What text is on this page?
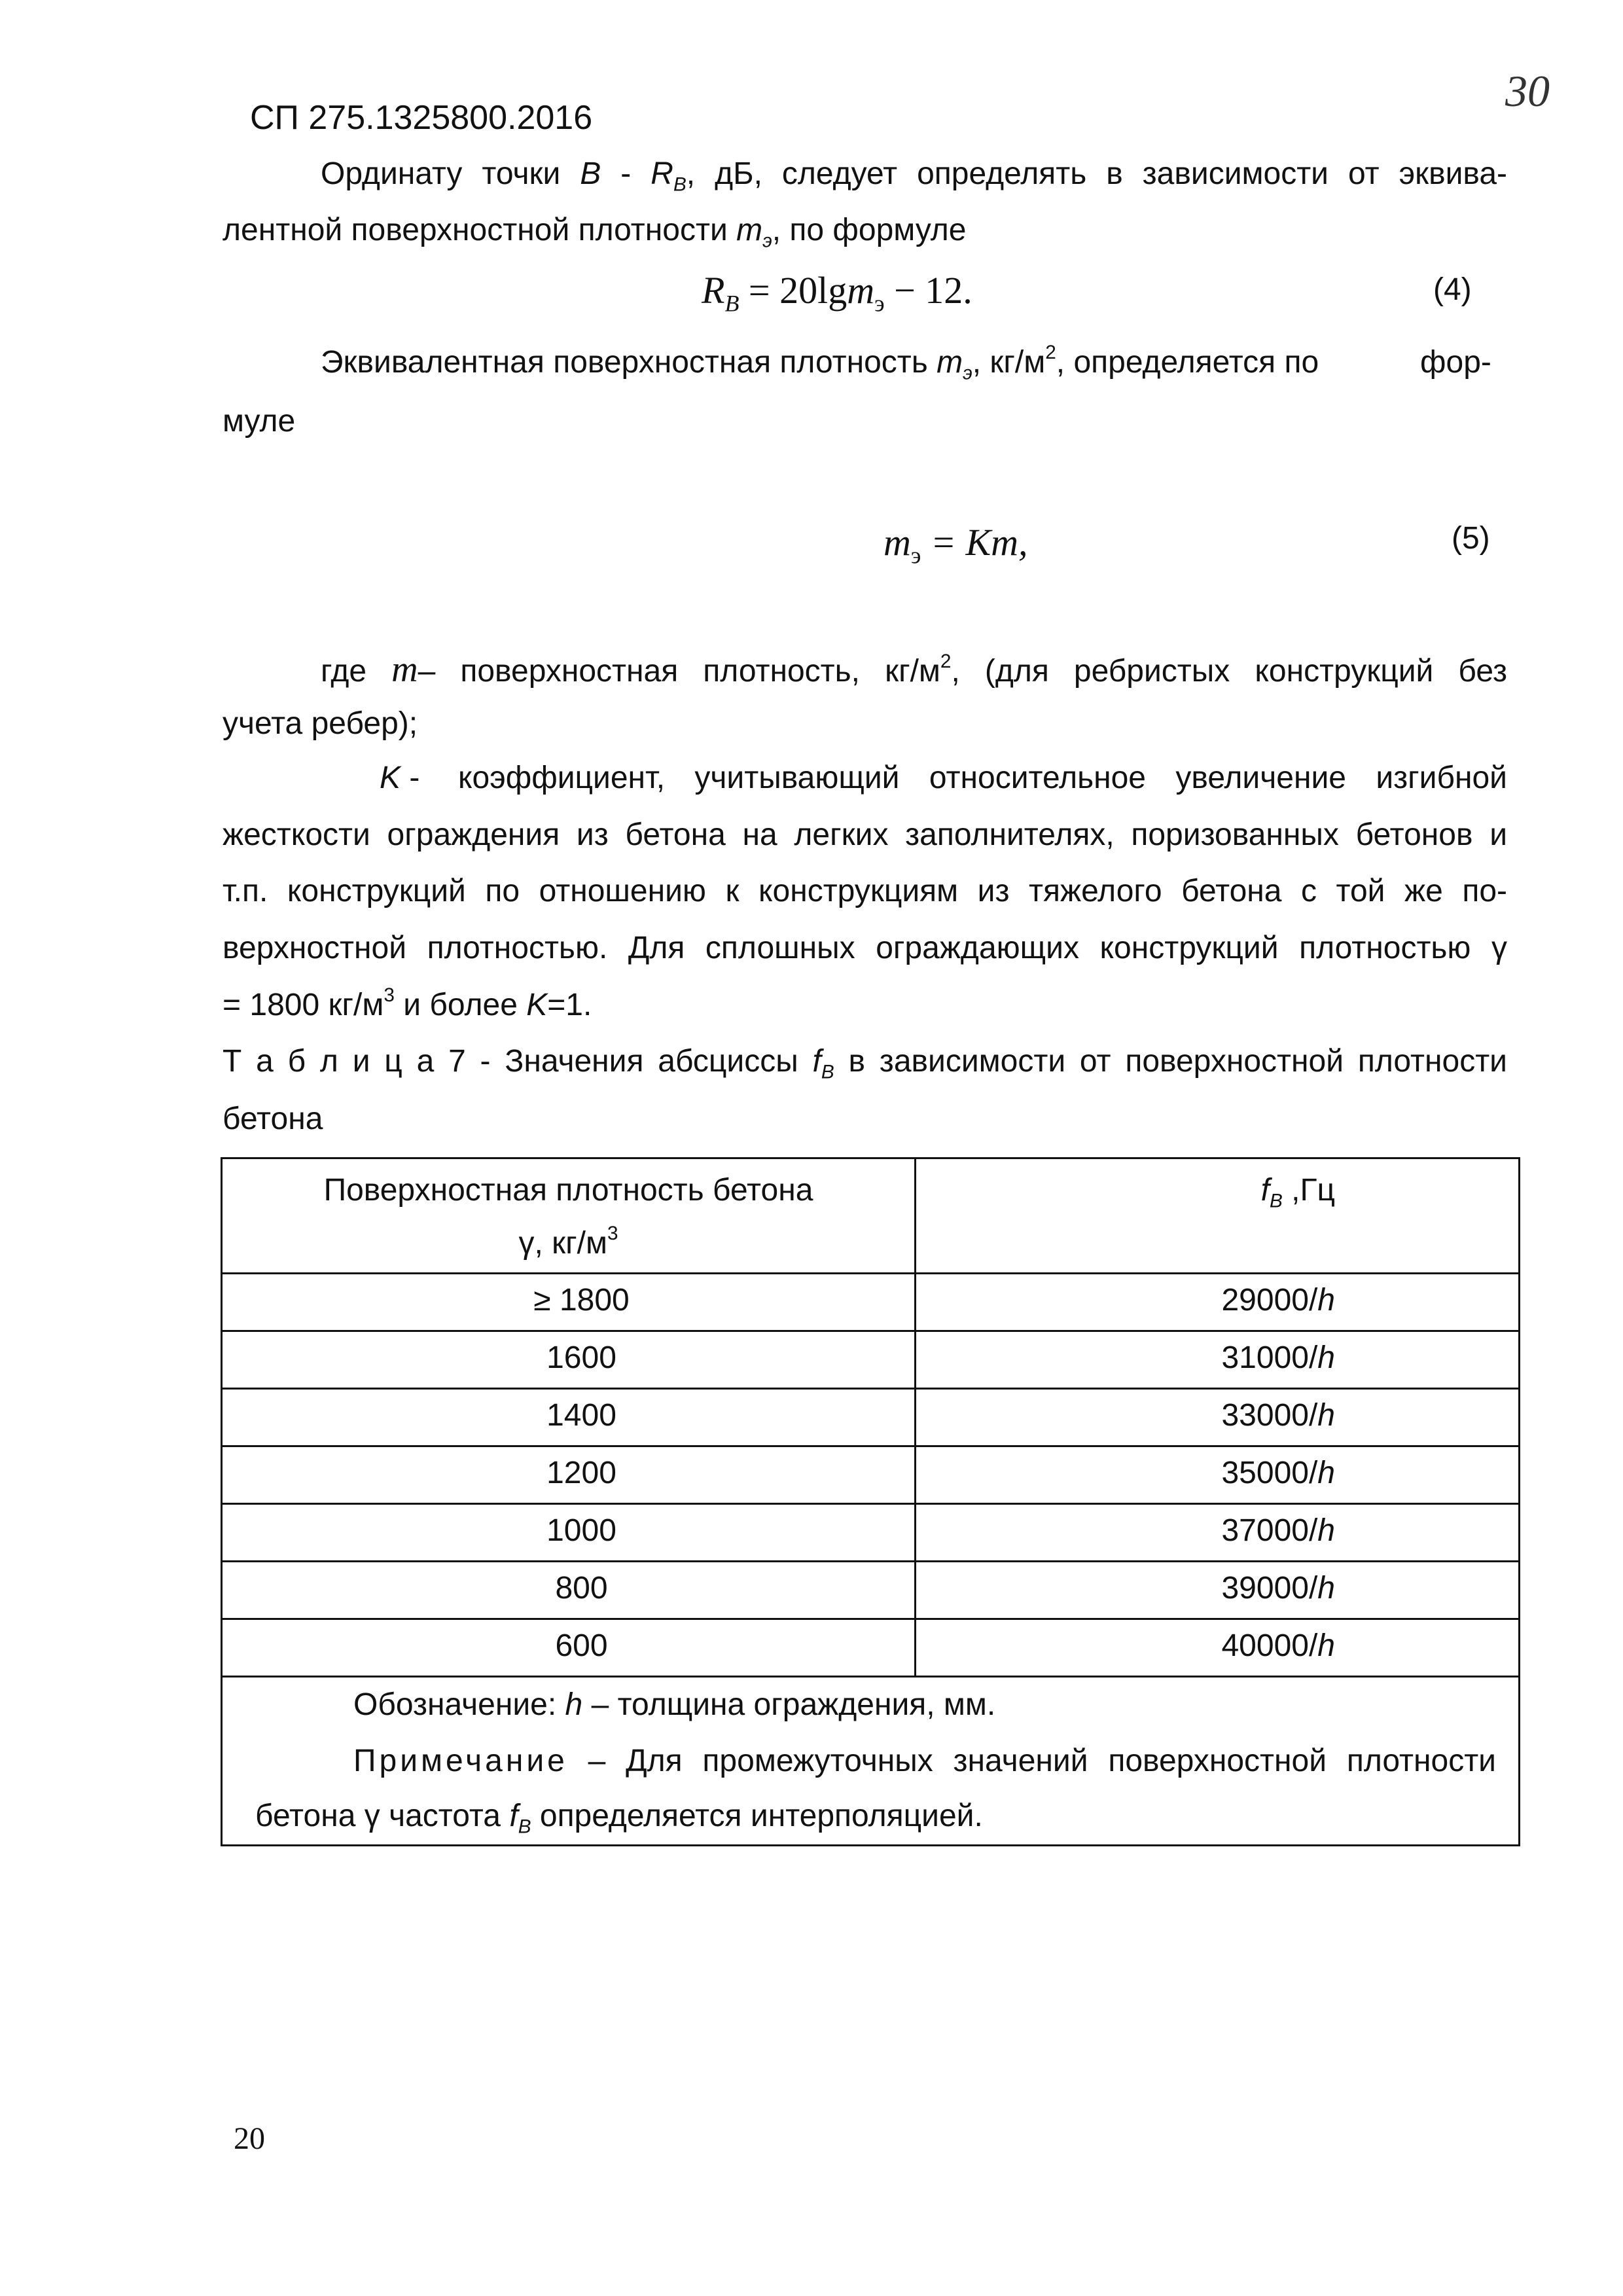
СП 275.1325800.2016
30
Ординату точки B - $R_B$, дБ, следует определять в зависимости от эквива-
лентной поверхностной плотности $m_э$, по формуле
$R_B = 20\lg m_э - 12$.	(4)
Эквивалентная поверхностная плотность $m_э$, $кг/м^2$, определяется по	фор-
муле
$m_э = Km$,	(5)
где m– поверхностная плотность, $кг/м^2$, (для ребристых конструкций без
учета ребер);
K - коэффициент, учитывающий относительное увеличение изгибной
жесткости ограждения из бетона на легких заполнителях, поризованных бетонов и
т.п. конструкций по отношению к конструкциям из тяжелого бетона с той же по-
верхностной плотностью. Для сплошных ограждающих конструкций плотностью γ
= 1800 $кг/м^3$ и более K=1.
Т а б л и ц а 7 - Значения абсциссы $f_B$ в зависимости от поверхностной плотности
бетона
Поверхностная плотность бетона
γ, $кг/м^3$	$f_B$ ,Гц

≥ 1800	29000/h

1600	31000/h

1400	33000/h

1200	35000/h

1000	37000/h

800	39000/h

600	40000/h

Обозначение: h – толщина ограждения, мм.
Примечание – Для промежуточных значений поверхностной плотности
бетона γ частота $f_B$ определяется интерполяцией.	
20
